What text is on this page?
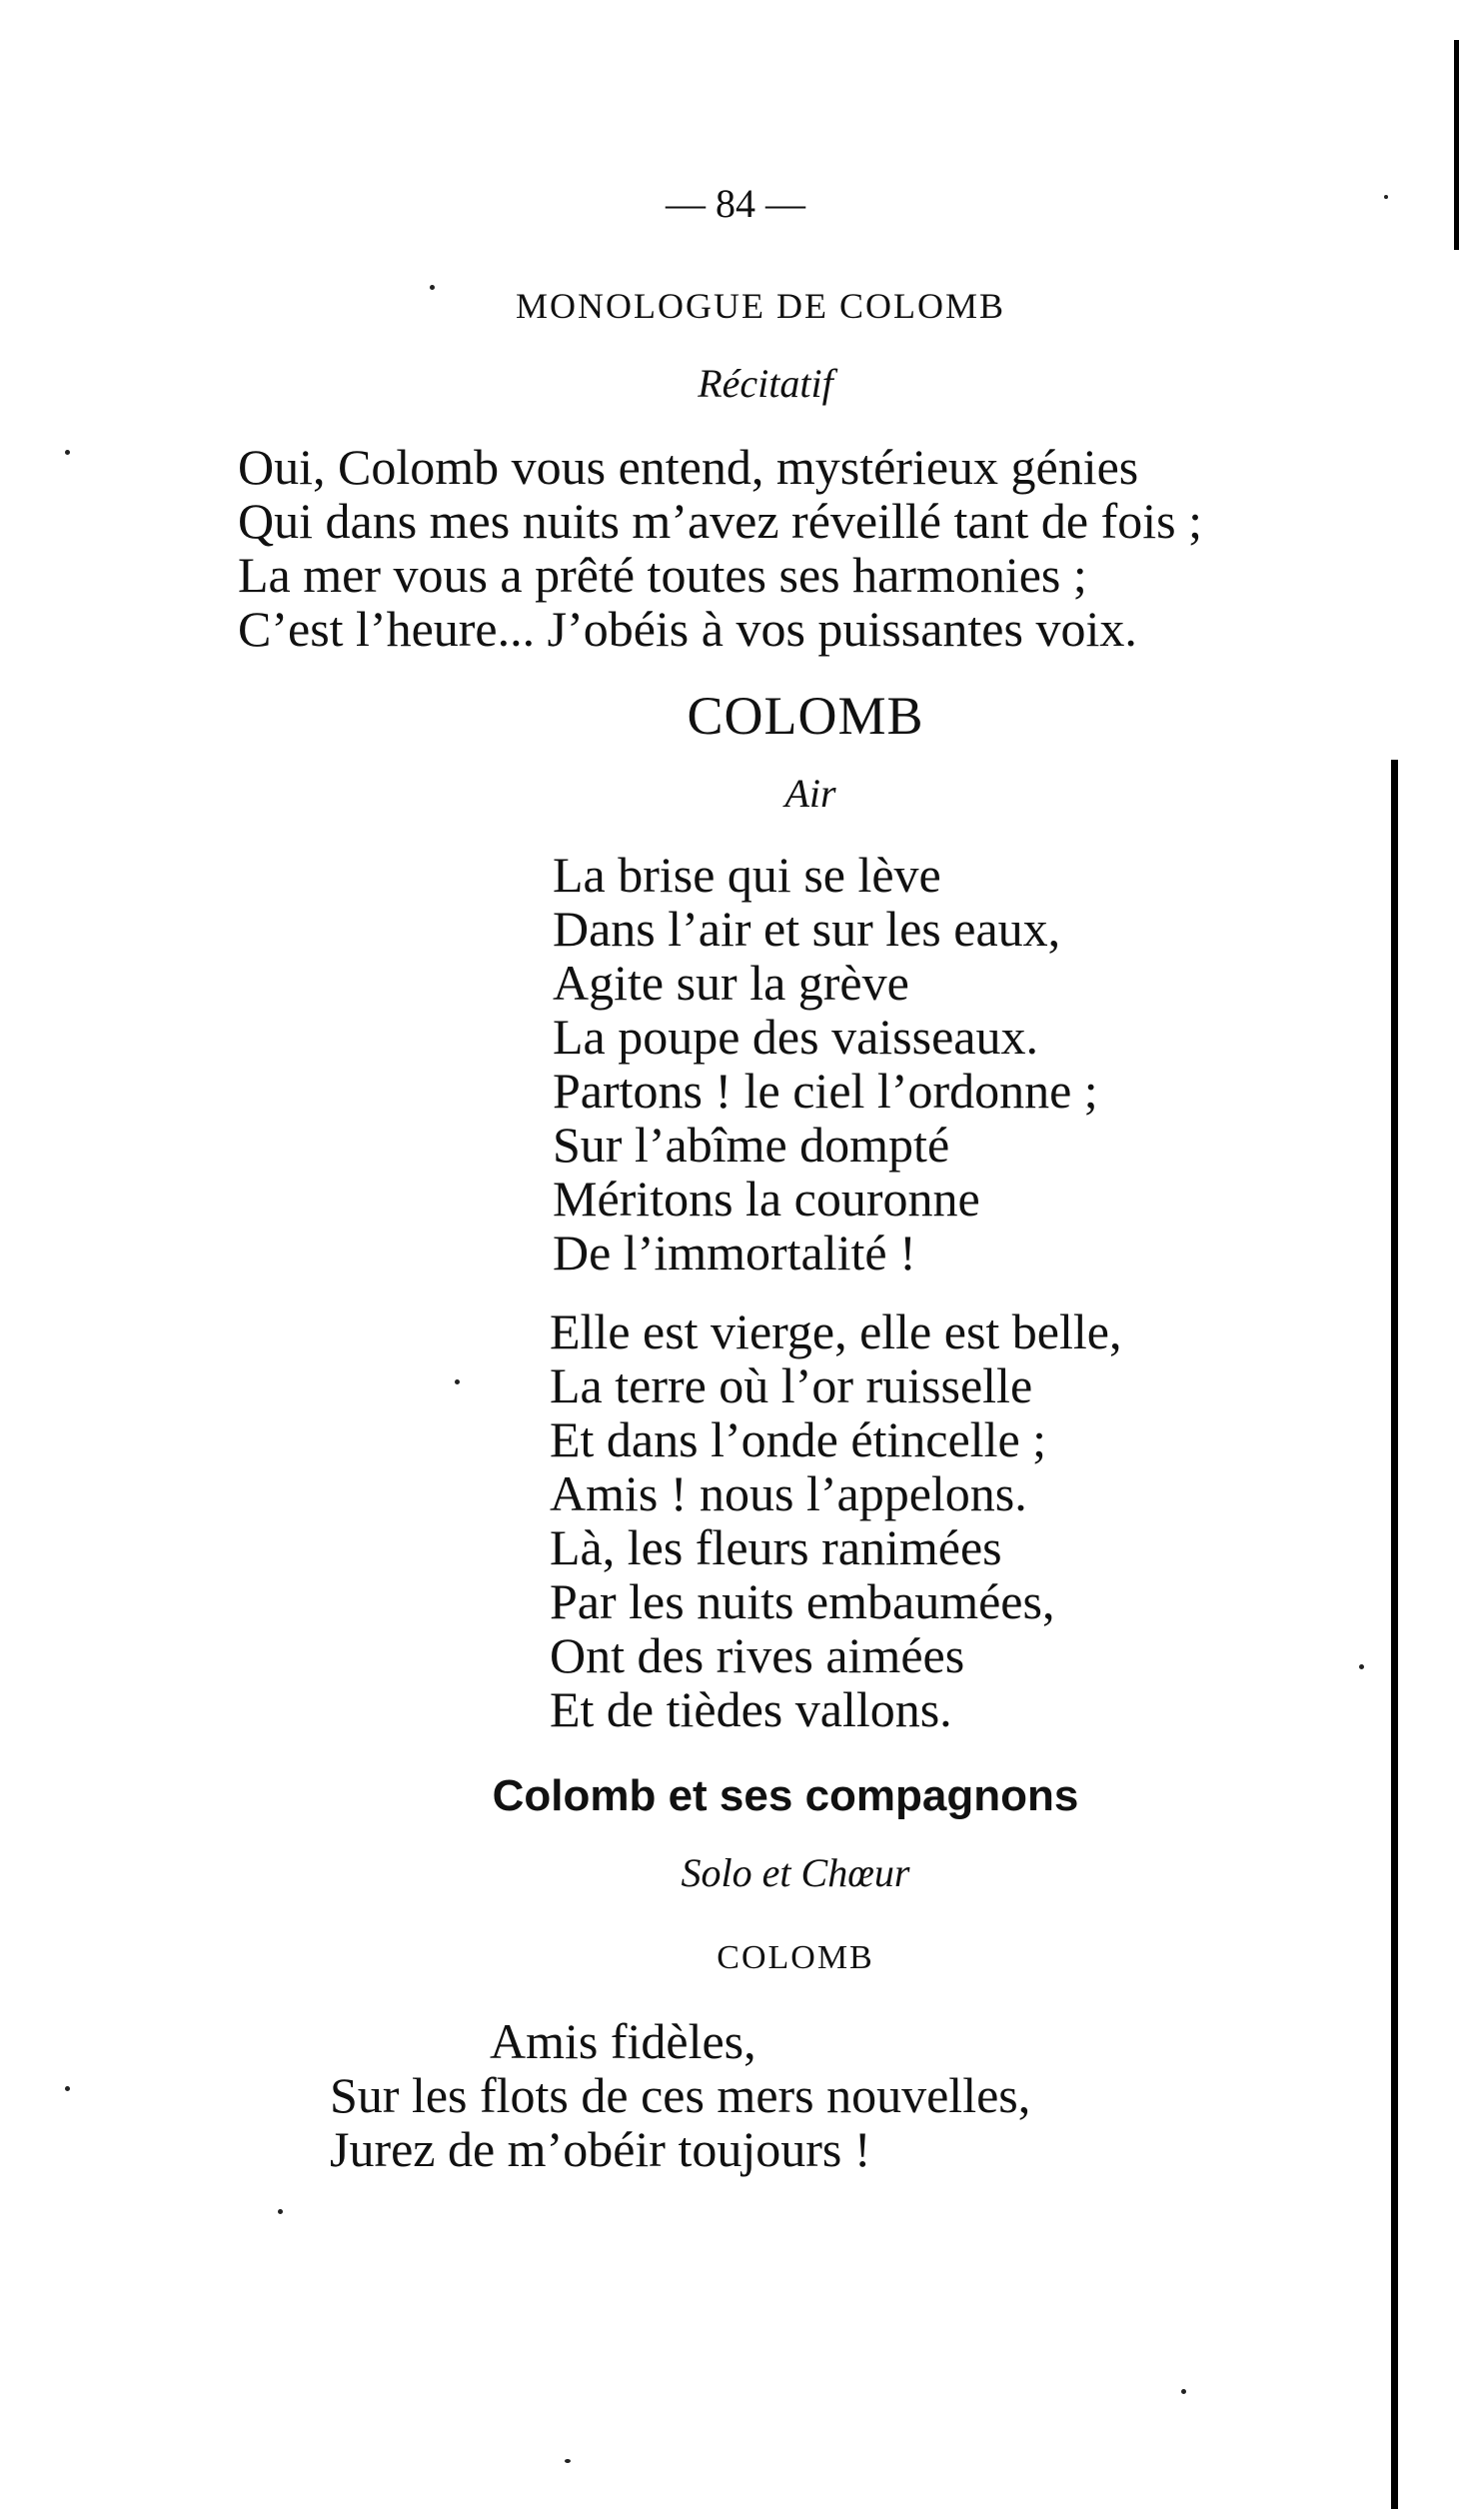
— 84 —
MONOLOGUE DE COLOMB
Récitatif
Oui, Colomb vous entend, mystérieux génies
Qui dans mes nuits m’avez réveillé tant de fois ;
La mer vous a prêté toutes ses harmonies ;
C’est l’heure... J’obéis à vos puissantes voix.
COLOMB
Air
La brise qui se lève
Dans l’air et sur les eaux,
Agite sur la grève
La poupe des vaisseaux.
Partons ! le ciel l’ordonne ;
Sur l’abîme dompté
Méritons la couronne
De l’immortalité !
Elle est vierge, elle est belle,
La terre où l’or ruisselle
Et dans l’onde étincelle ;
Amis ! nous l’appelons.
Là, les fleurs ranimées
Par les nuits embaumées,
Ont des rives aimées
Et de tièdes vallons.
Colomb et ses compagnons
Solo et Chœur
COLOMB
Amis fidèles,
Sur les flots de ces mers nouvelles,
Jurez de m’obéir toujours !
